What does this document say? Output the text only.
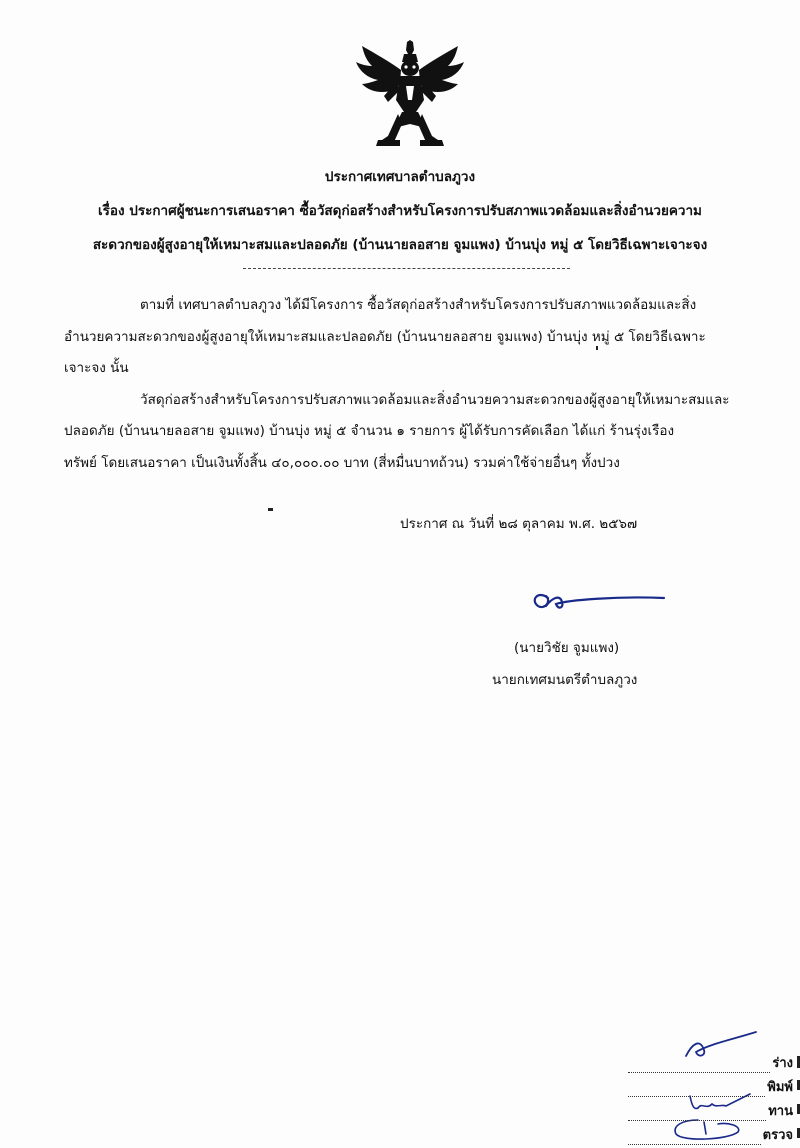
ประกาศเทศบาลตำบลภูวง
เรื่อง ประกาศผู้ชนะการเสนอราคา ซื้อวัสดุก่อสร้างสำหรับโครงการปรับสภาพแวดล้อมและสิ่งอำนวยความ
สะดวกของผู้สูงอายุให้เหมาะสมและปลอดภัย (บ้านนายลอสาย จูมแพง) บ้านบุ่ง หมู่ ๕ โดยวิธีเฉพาะเจาะจง
ตามที่ เทศบาลตำบลภูวง ได้มีโครงการ ซื้อวัสดุก่อสร้างสำหรับโครงการปรับสภาพแวดล้อมและสิ่ง
อำนวยความสะดวกของผู้สูงอายุให้เหมาะสมและปลอดภัย (บ้านนายลอสาย จูมแพง) บ้านบุ่ง หมู่ ๕ โดยวิธีเฉพาะ
เจาะจง นั้น
วัสดุก่อสร้างสำหรับโครงการปรับสภาพแวดล้อมและสิ่งอำนวยความสะดวกของผู้สูงอายุให้เหมาะสมและ
ปลอดภัย (บ้านนายลอสาย จูมแพง) บ้านบุ่ง หมู่ ๕ จำนวน ๑ รายการ ผู้ได้รับการคัดเลือก ได้แก่ ร้านรุ่งเรือง
ทรัพย์ โดยเสนอราคา เป็นเงินทั้งสิ้น ๔๐,๐๐๐.๐๐ บาท (สี่หมื่นบาทถ้วน) รวมค่าใช้จ่ายอื่นๆ ทั้งปวง
ประกาศ ณ วันที่ ๒๘ ตุลาคม พ.ศ. ๒๕๖๗
(นายวิชัย จูมแพง)
นายกเทศมนตรีตำบลภูวง
ร่าง
พิมพ์
ทาน
ตรวจ
